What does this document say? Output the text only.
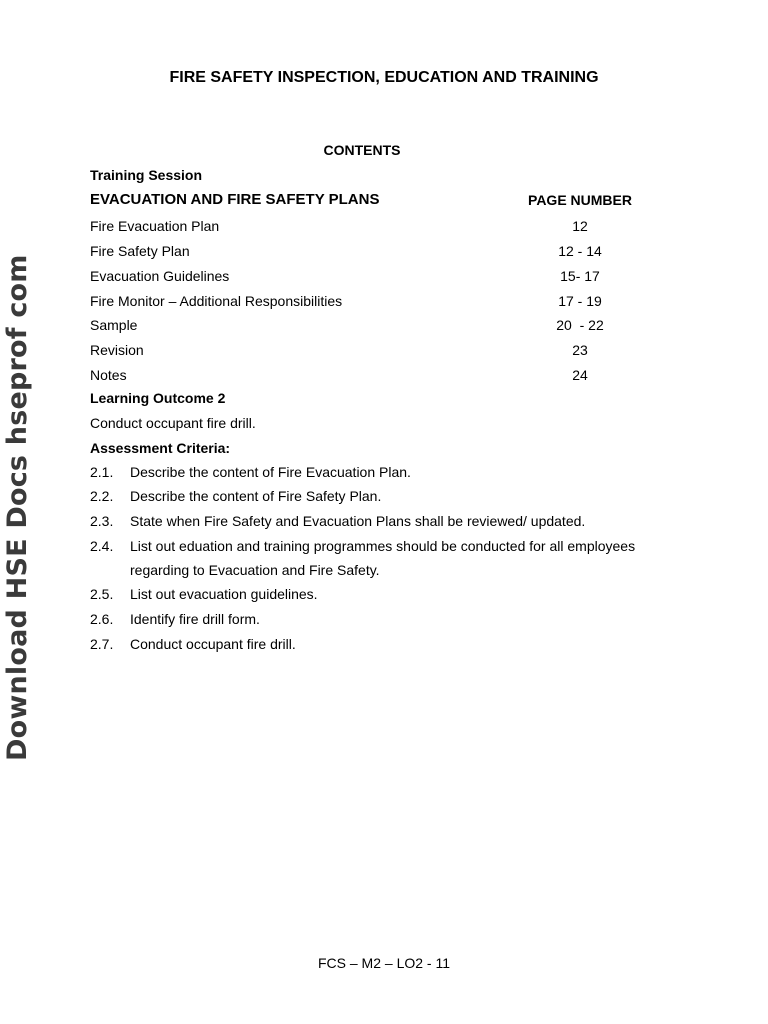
Download HSE Docs hseprof com
FIRE SAFETY INSPECTION, EDUCATION AND TRAINING
CONTENTS
Training Session
EVACUATION AND FIRE SAFETY PLANS	PAGE NUMBER
Fire Evacuation Plan	12
Fire Safety Plan	12 - 14
Evacuation Guidelines	15- 17
Fire Monitor – Additional Responsibilities	17 - 19
Sample	20  - 22
Revision	23
Notes	24
Learning Outcome 2
Conduct occupant fire drill.
Assessment Criteria:
2.1. Describe the content of Fire Evacuation Plan.
2.2. Describe the content of Fire Safety Plan.
2.3. State when Fire Safety and Evacuation Plans shall be reviewed/ updated.
2.4. List out eduation and training programmes should be conducted for all employees regarding to Evacuation and Fire Safety.
2.5. List out evacuation guidelines.
2.6. Identify fire drill form.
2.7. Conduct occupant fire drill.
FCS – M2 – LO2 - 11
